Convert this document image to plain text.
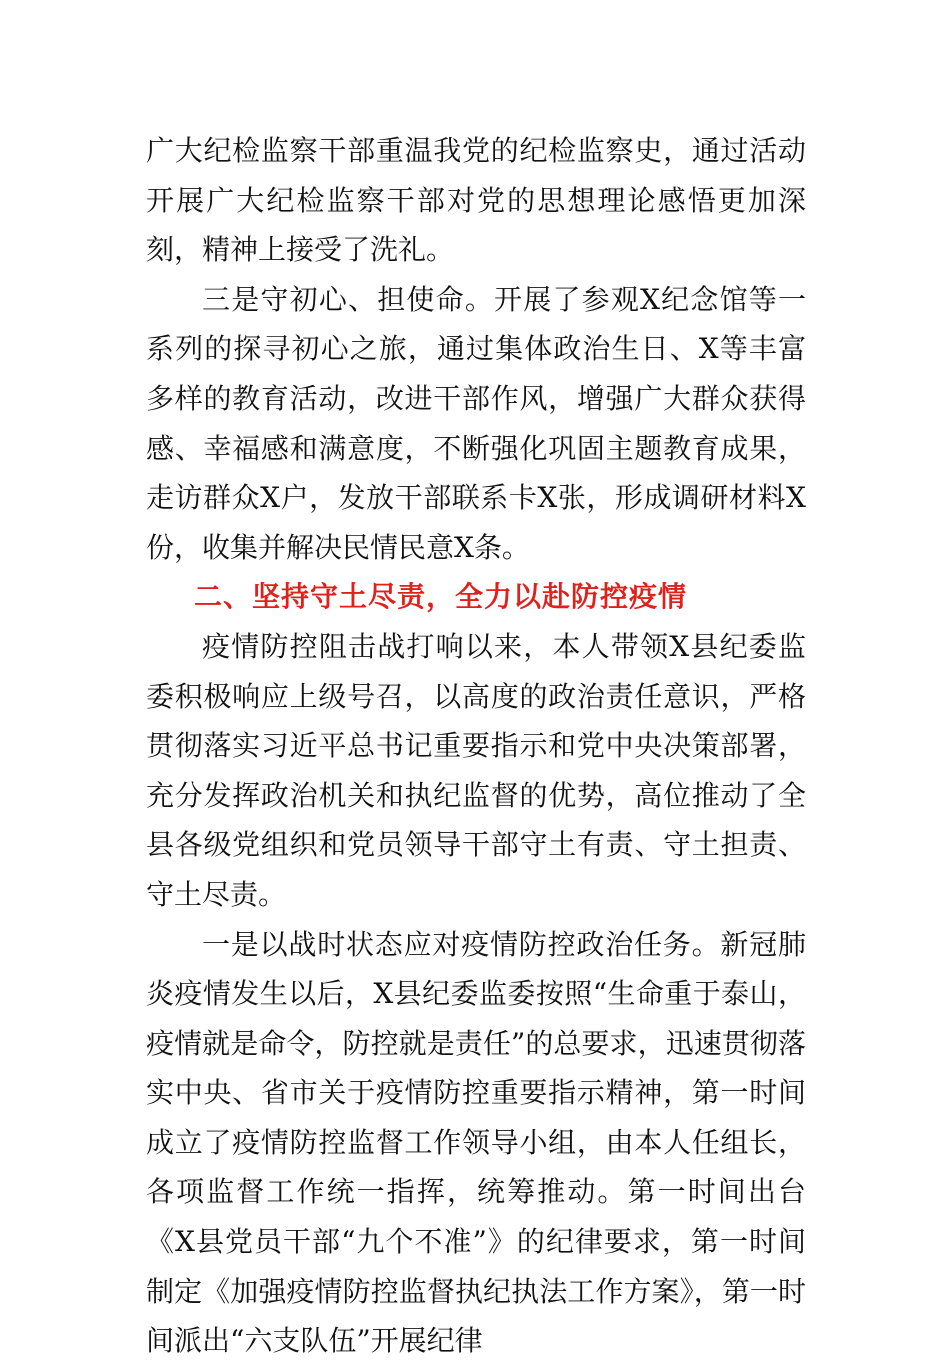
广大纪检监察干部重温我党的纪检监察史，通过活动开展广大纪检监察干部对党的思想理论感悟更加深刻，精神上接受了洗礼。

三是守初心、担使命。开展了参观X纪念馆等一系列的探寻初心之旅，通过集体政治生日、X等丰富多样的教育活动，改进干部作风，增强广大群众获得感、幸福感和满意度，不断强化巩固主题教育成果，走访群众X户，发放干部联系卡X张，形成调研材料X份，收集并解决民情民意X条。

二、坚持守土尽责，全力以赴防控疫情

疫情防控阻击战打响以来，本人带领X县纪委监委积极响应上级号召，以高度的政治责任意识，严格贯彻落实习近平总书记重要指示和党中央决策部署，充分发挥政治机关和执纪监督的优势，高位推动了全县各级党组织和党员领导干部守土有责、守土担责、守土尽责。

一是以战时状态应对疫情防控政治任务。新冠肺炎疫情发生以后，X县纪委监委按照“生命重于泰山，疫情就是命令，防控就是责任”的总要求，迅速贯彻落实中央、省市关于疫情防控重要指示精神，第一时间成立了疫情防控监督工作领导小组，由本人任组长，各项监督工作统一指挥，统筹推动。第一时间出台《X县党员干部“九个不准”》的纪律要求，第一时间制定《加强疫情防控监督执纪执法工作方案》，第一时间派出“六支队伍”开展纪律
